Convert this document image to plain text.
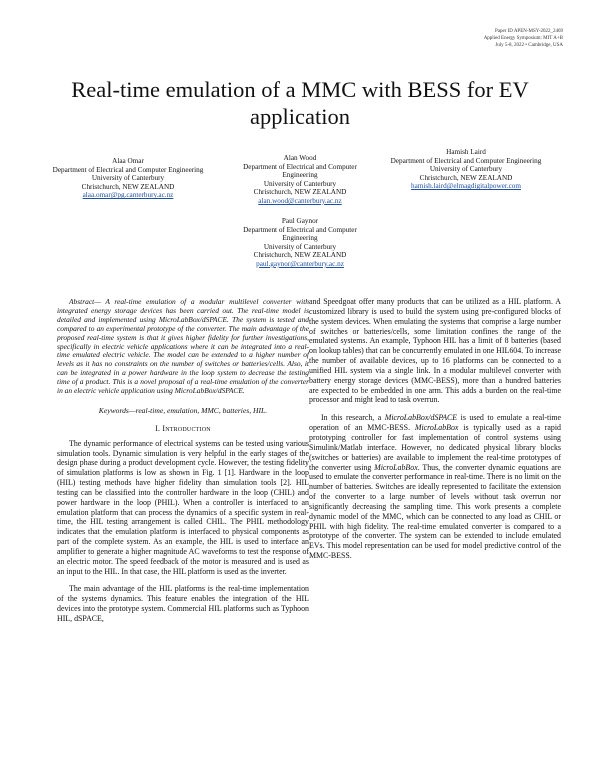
Paper ID APEN-MSY-2022_2469
Applied Energy Symposium: MIT A+B
July 5-8, 2022 • Cambridge, USA
Real-time emulation of a MMC with BESS for EV application
Alaa Omar
Department of Electrical and Computer Engineering
University of Canterbury
Christchurch, NEW ZEALAND
alaa.omar@pg.canterbury.ac.nz
Alan Wood
Department of Electrical and Computer Engineering
University of Canterbury
Christchurch, NEW ZEALAND
alan.wood@canterbury.ac.nz
Hamish Laird
Department of Electrical and Computer Engineering
University of Canterbury
Christchurch, NEW ZEALAND
hamish.laird@elmagdigitalpower.com
Paul Gaynor
Department of Electrical and Computer Engineering
University of Canterbury
Christchurch, NEW ZEALAND
paul.gaynor@canterbury.ac.nz

Abstract— A real-time emulation of a modular multilevel converter with integrated energy storage devices has been carried out. The real-time model is detailed and implemented using MicroLabBox/dSPACE. The system is tested and compared to an experimental prototype of the converter. The main advantage of the proposed real-time system is that it gives higher fidelity for further investigations, specifically in electric vehicle applications where it can be integrated into a real-time emulated electric vehicle. The model can be extended to a higher number of levels as it has no constraints on the number of switches or batteries/cells. Also, it can be integrated in a power hardware in the loop system to decrease the testing time of a product. This is a novel proposal of a real-time emulation of the converter in an electric vehicle application using MicroLabBox/dSPACE.

Keywords—real-time, emulation, MMC, batteries, HIL.

I. Introduction

The dynamic performance of electrical systems can be tested using various simulation tools. Dynamic simulation is very helpful in the early stages of the design phase during a product development cycle. However, the testing fidelity of simulation platforms is low as shown in Fig. 1 [1]. Hardware in the loop (HIL) testing methods have higher fidelity than simulation tools [2]. HIL testing can be classified into the controller hardware in the loop (CHIL) and power hardware in the loop (PHIL). When a controller is interfaced to an emulation platform that can process the dynamics of a specific system in real-time, the HIL testing arrangement is called CHIL. The PHIL methodology indicates that the emulation platform is interfaced to physical components as part of the complete system. As an example, the HIL is used to interface an amplifier to generate a higher magnitude AC waveforms to test the response of an electric motor. The speed feedback of the motor is measured and is used as an input to the HIL. In that case, the HIL platform is used as the inverter.

The main advantage of the HIL platforms is the real-time implementation of the systems dynamics. This feature enables the integration of the HIL devices into the prototype system. Commercial HIL platforms such as Typhoon HIL, dSPACE,

and Speedgoat offer many products that can be utilized as a HIL platform. A customized library is used to build the system using pre-configured blocks of the system devices. When emulating the systems that comprise a large number of switches or batteries/cells, some limitation confines the range of the emulated systems. An example, Typhoon HIL has a limit of 8 batteries (based on lookup tables) that can be concurrently emulated in one HIL604. To increase the number of available devices, up to 16 platforms can be connected to a unified HIL system via a single link. In a modular multilevel converter with battery energy storage devices (MMC-BESS), more than a hundred batteries are expected to be embedded in one arm. This adds a burden on the real-time processor and might lead to task overrun.

In this research, a MicroLabBox/dSPACE is used to emulate a real-time operation of an MMC-BESS. MicroLabBox is typically used as a rapid prototyping controller for fast implementation of control systems using Simulink/Matlab interface. However, no dedicated physical library blocks (switches or batteries) are available to implement the real-time prototypes of the converter using MicroLabBox. Thus, the converter dynamic equations are used to emulate the converter performance in real-time. There is no limit on the number of batteries. Switches are ideally represented to facilitate the extension of the converter to a large number of levels without task overrun nor significantly decreasing the sampling time. This work presents a complete dynamic model of the MMC, which can be connected to any load as CHIL or PHIL with high fidelity. The real-time emulated converter is compared to a prototype of the converter. The system can be extended to include emulated EVs. This model representation can be used for model predictive control of the MMC-BESS.
